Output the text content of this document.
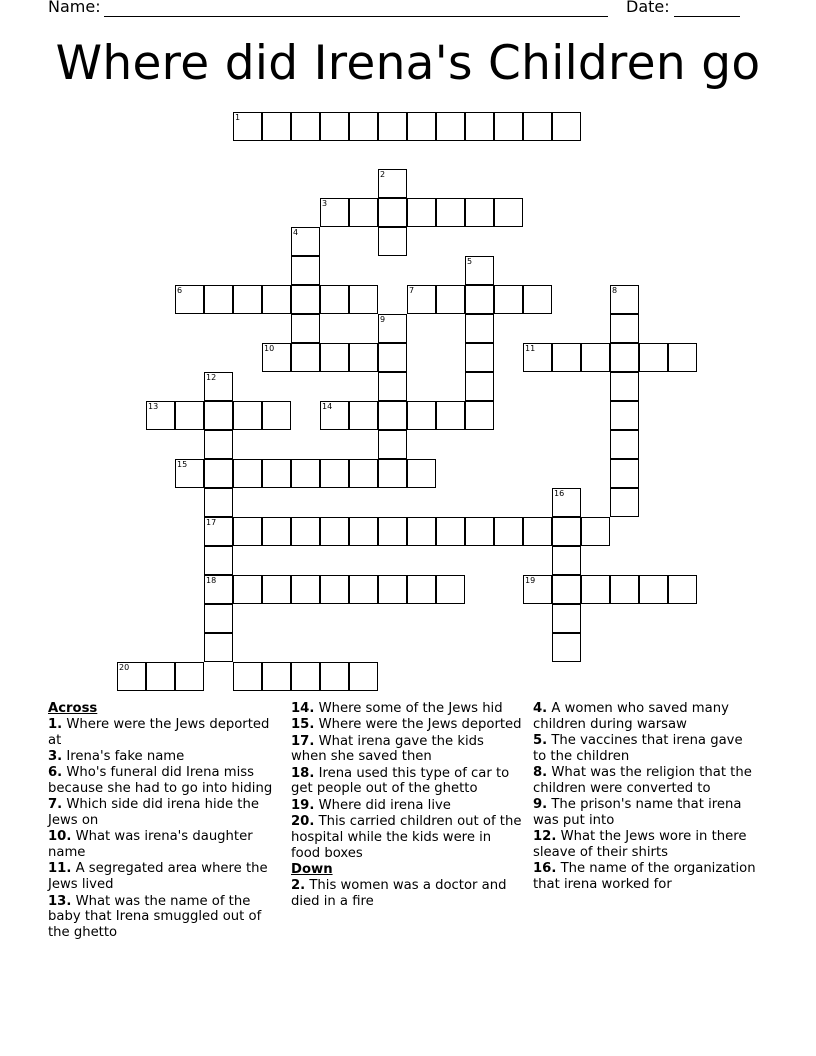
Name:	Date:
Where did Irena's Children go
1
2
3
4
5
6	7	8
9
10	11
12
13	14
15
16
17
18	19
20
Across
1. Where were the Jews deported at
3. Irena's fake name
6. Who's funeral did Irena miss because she had to go into hiding
7. Which side did irena hide the Jews on
10. What was irena's daughter name
11. A segregated area where the Jews lived
13. What was the name of the baby that Irena smuggled out of the ghetto
14. Where some of the Jews hid
15. Where were the Jews deported
17. What irena gave the kids when she saved then
18. Irena used this type of car to get people out of the ghetto
19. Where did irena live
20. This carried children out of the hospital while the kids were in food boxes
Down
2. This women was a doctor and died in a fire
4. A women who saved many children during warsaw
5. The vaccines that irena gave to the children
8. What was the religion that the children were converted to
9. The prison's name that irena was put into
12. What the Jews wore in there sleave of their shirts
16. The name of the organization that irena worked for
